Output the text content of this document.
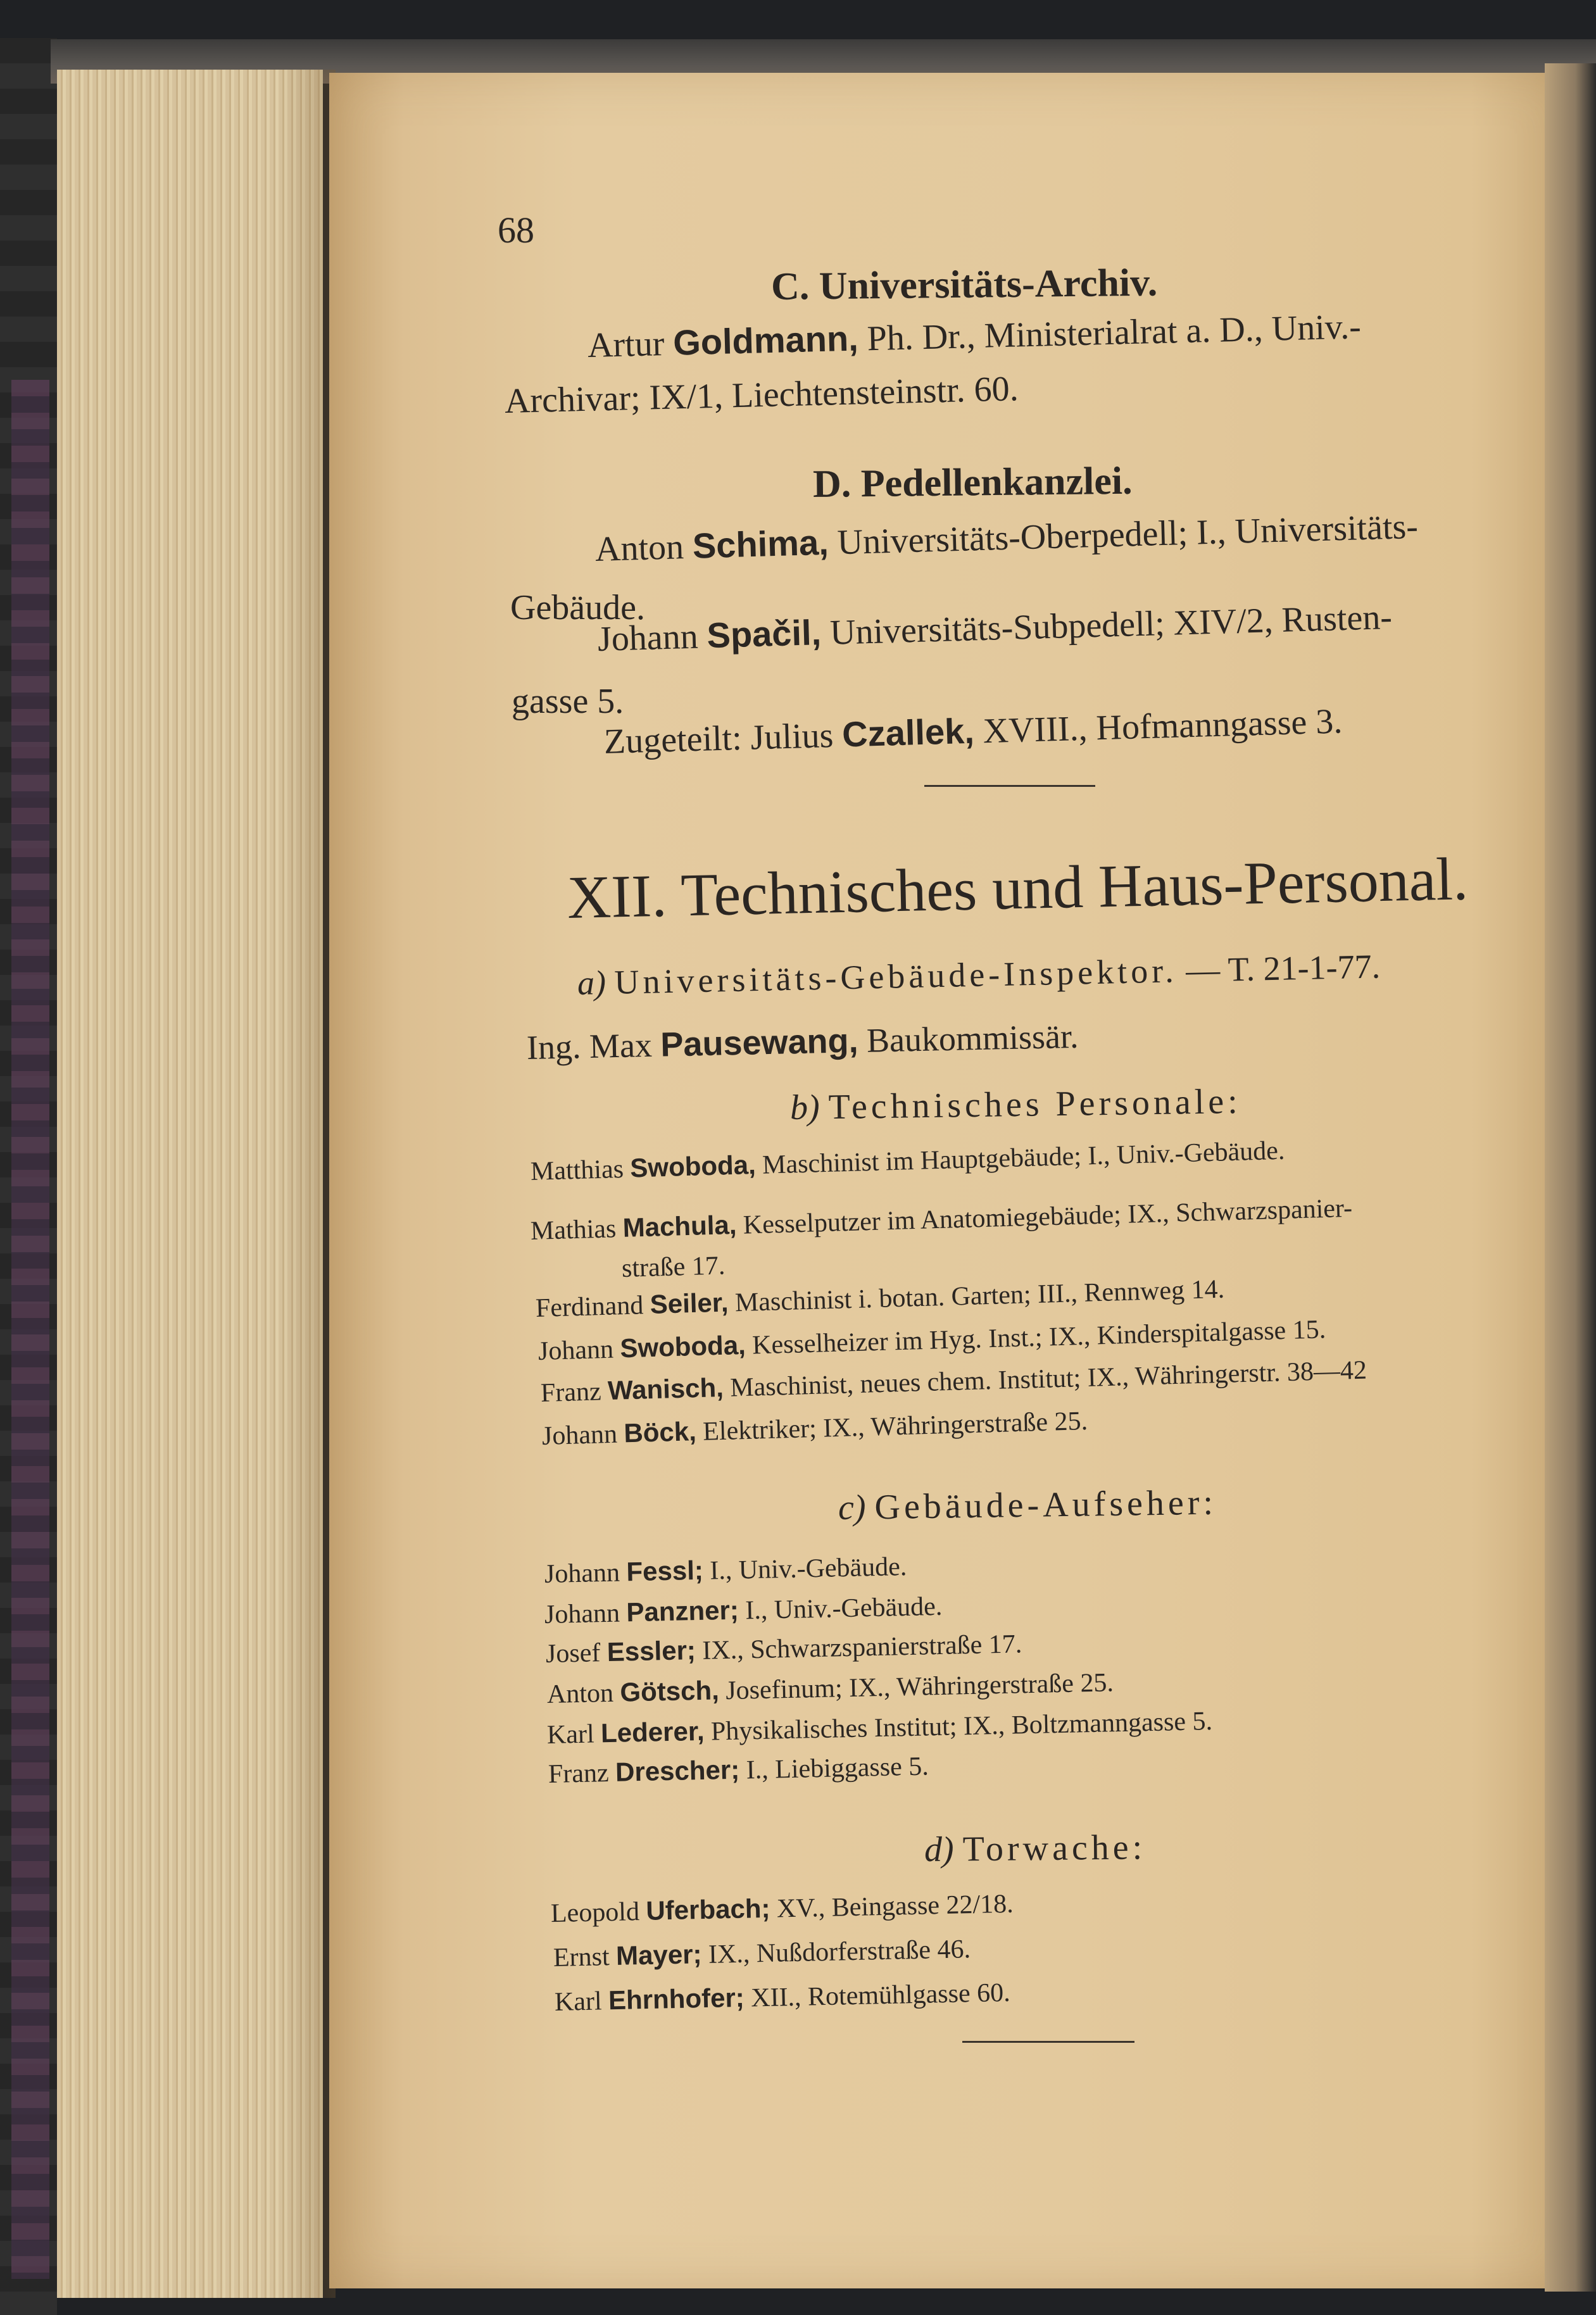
68
C. Universitäts-Archiv.
Artur Goldmann, Ph. Dr., Ministerialrat a. D., Univ.-
Archivar; IX/1, Liechtensteinstr. 60.
D. Pedellenkanzlei.
Anton Schima, Universitäts-Oberpedell; I., Universitäts-
Gebäude.
Johann Spačil, Universitäts-Subpedell; XIV/2, Rusten-
gasse 5.
Zugeteilt: Julius Czallek, XVIII., Hofmanngasse 3.
XII. Technisches und Haus-Personal.
a) Universitäts-Gebäude-Inspektor. — T. 21-1-77.
Ing. Max Pausewang, Baukommissär.
b) Technisches Personale:
Matthias Swoboda, Maschinist im Hauptgebäude; I., Univ.-Gebäude.
Mathias Machula, Kesselputzer im Anatomiegebäude; IX., Schwarzspanier-
straße 17.
Ferdinand Seiler, Maschinist i. botan. Garten; III., Rennweg 14.
Johann Swoboda, Kesselheizer im Hyg. Inst.; IX., Kinderspitalgasse 15.
Franz Wanisch, Maschinist, neues chem. Institut; IX., Währingerstr. 38—42
Johann Böck, Elektriker; IX., Währingerstraße 25.
c) Gebäude-Aufseher:
Johann Fessl; I., Univ.-Gebäude.
Johann Panzner; I., Univ.-Gebäude.
Josef Essler; IX., Schwarzspanierstraße 17.
Anton Götsch, Josefinum; IX., Währingerstraße 25.
Karl Lederer, Physikalisches Institut; IX., Boltzmanngasse 5.
Franz Drescher; I., Liebiggasse 5.
d) Torwache:
Leopold Uferbach; XV., Beingasse 22/18.
Ernst Mayer; IX., Nußdorferstraße 46.
Karl Ehrnhofer; XII., Rotemühlgasse 60.
